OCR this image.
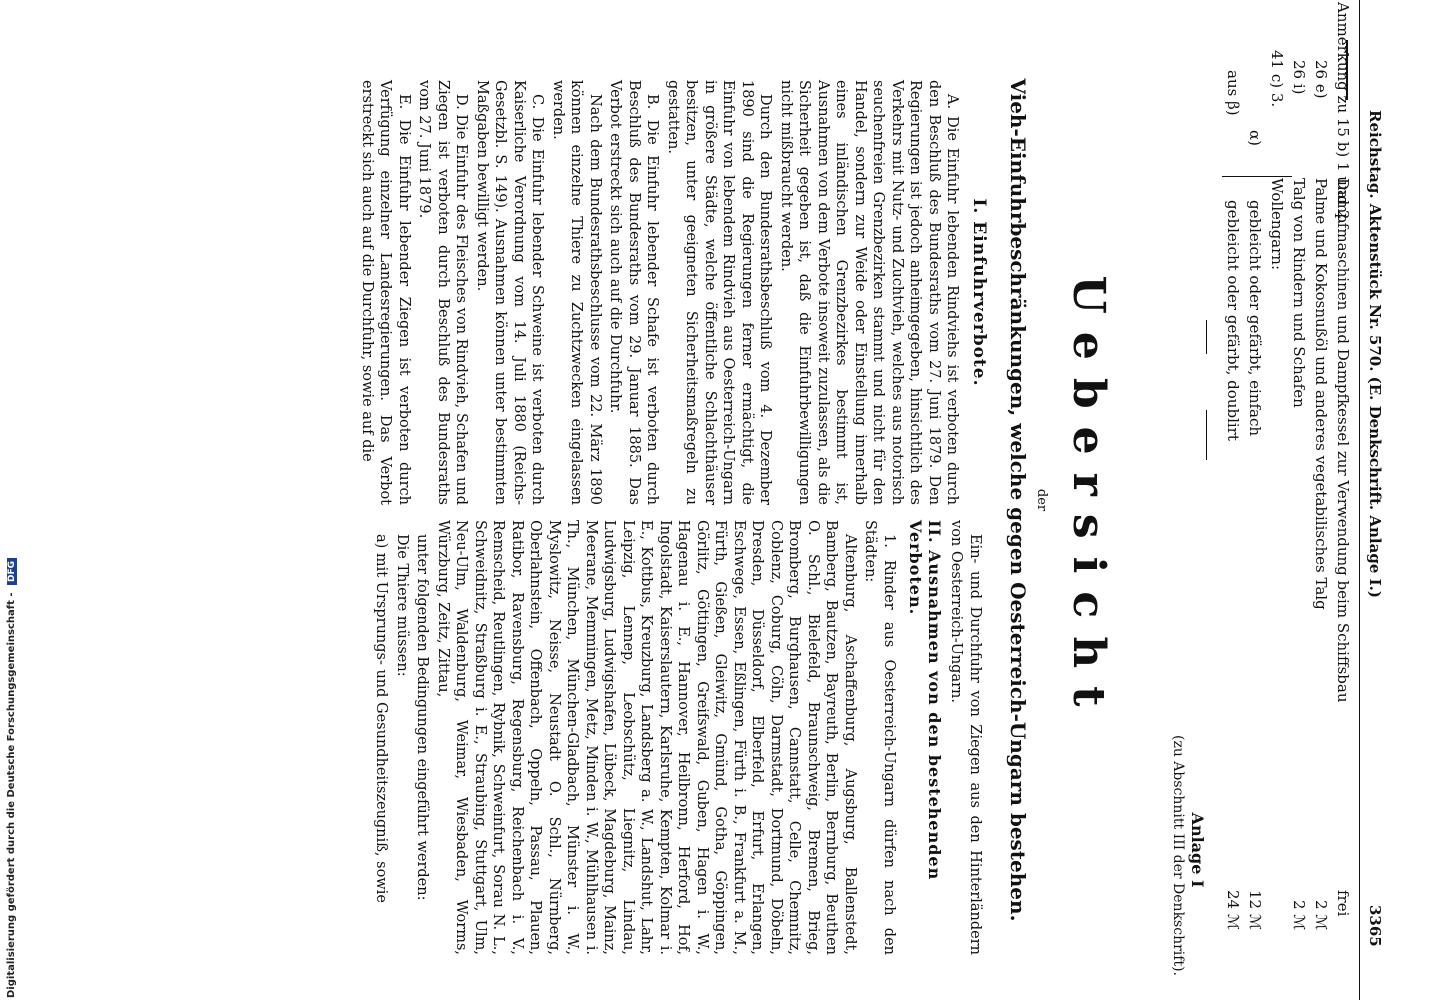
Reichstag. Aktenstück Nr. 570. (E. Denkschrift. Anlage I.)
3365
Anmerkung zu 15 b) 1 und 2.
Dampfmaschinen und Dampfkessel zur Verwendung beim Schiffsbau
frei
26 e)
Palme und Kokosnußöl und anderes vegetabilisches Talg
2 ℳ
26 i)
Talg von Rindern und Schafen
2 ℳ
41 c) 3.
Wollengarn:
α)
gebleicht oder gefärbt, einfach
12 ℳ
aus β)
gebleicht oder gefärbt, doublirt
24 ℳ
Anlage I
(zu Abschnitt III der Denkschrift).
Uebersicht
der
Vieh-Einfuhrbeschränkungen, welche gegen Oesterreich-Ungarn bestehen.
I. Einfuhrverbote.

A. Die Einfuhr lebenden Rindviehs ist verboten durch den Beschluß des Bundesraths vom 27. Juni 1879. Den Regierungen ist jedoch anheimgegeben, hinsichtlich des Verkehrs mit Nutz- und Zuchtvieh, welches aus notorisch seuchenfreien Grenzbezirken stammt und nicht für den Handel, sondern zur Weide oder Einstellung innerhalb eines inländischen Grenzbezirkes bestimmt ist, Ausnahmen von dem Verbote insoweit zuzulassen, als die Sicherheit gegeben ist, daß die Einfuhrbewilligungen nicht mißbraucht werden.

Durch den Bundesrathsbeschluß vom 4. Dezember 1890 sind die Regierungen ferner ermächtigt, die Einfuhr von lebendem Rindvieh aus Oesterreich-Ungarn in größere Städte, welche öffentliche Schlachthäuser besitzen, unter geeigneten Sicherheitsmaßregeln zu gestatten.

B. Die Einfuhr lebender Schafe ist verboten durch Beschluß des Bundesraths vom 29. Januar 1885. Das Verbot erstreckt sich auch auf die Durchfuhr.

Nach dem Bundesrathsbeschlusse vom 22. März 1890 können einzelne Thiere zu Zuchtzwecken eingelassen werden.

C. Die Einfuhr lebender Schweine ist verboten durch Kaiserliche Verordnung vom 14. Juli 1880 (Reichs-Gesetzbl. S. 149). Ausnahmen können unter bestimmten Maßgaben bewilligt werden.

D. Die Einfuhr des Fleisches von Rindvieh, Schafen und Ziegen ist verboten durch Beschluß des Bundesraths vom 27. Juni 1879.

E. Die Einfuhr lebender Ziegen ist verboten durch Verfügung einzelner Landesregierungen. Das Verbot erstreckt sich auch auf die Durchfuhr, sowie auf die

Ein- und Durchfuhr von Ziegen aus den Hinterländern von Oesterreich-Ungarn.

II. Ausnahmen von den bestehenden Verboten.

1. Rinder aus Oesterreich-Ungarn dürfen nach den Städten:

Altenburg, Aschaffenburg, Augsburg, Ballenstedt, Bamberg, Bautzen, Bayreuth, Berlin, Bernburg, Beuthen O. Schl., Bielefeld, Braunschweig, Bremen, Brieg, Bromberg, Burghausen, Cannstatt, Celle, Chemnitz, Coblenz, Coburg, Cöln, Darmstadt, Dortmund, Döbeln, Dresden, Düsseldorf, Elberfeld, Erfurt, Erlangen, Eschwege, Essen, Eßlingen, Fürth i. B., Frankfurt a. M., Fürth, Gießen, Gleiwitz, Gmünd, Gotha, Göppingen, Görlitz, Göttingen, Greifswald, Guben, Hagen i. W., Hagenau i. E., Hannover, Heilbronn, Herford, Hof, Ingolstadt, Kaiserslautern, Karlsruhe, Kempten, Kolmar i. E., Kottbus, Kreuzburg, Landsberg a. W., Landshut, Lahr, Leipzig, Lennep, Leobschütz, Liegnitz, Lindau, Ludwigsburg, Ludwigshafen, Lübeck, Magdeburg, Mainz, Meerane, Memmingen, Metz, Minden i. W., Mühlhausen i. Th., München, München-Gladbach, Münster i. W., Myslowitz, Neisse, Neustadt O. Schl., Nürnberg, Oberlahnstein, Offenbach, Oppeln, Passau, Plauen, Ratibor, Ravensburg, Regensburg, Reichenbach i. V., Remscheid, Reutlingen, Rybnik, Schweinfurt, Sorau N. L., Schweidnitz, Straßburg i. E., Straubing, Stuttgart, Ulm, Neu-Ulm, Waldenburg, Weimar, Wiesbaden, Worms, Würzburg, Zeitz, Zittau,

unter folgenden Bedingungen eingeführt werden:

Die Thiere müssen:

a) mit Ursprungs- und Gesundheitszeugniß, sowie

Digitalisierung gefördert durch die Deutsche Forschungsgemeinschaft - DFG
